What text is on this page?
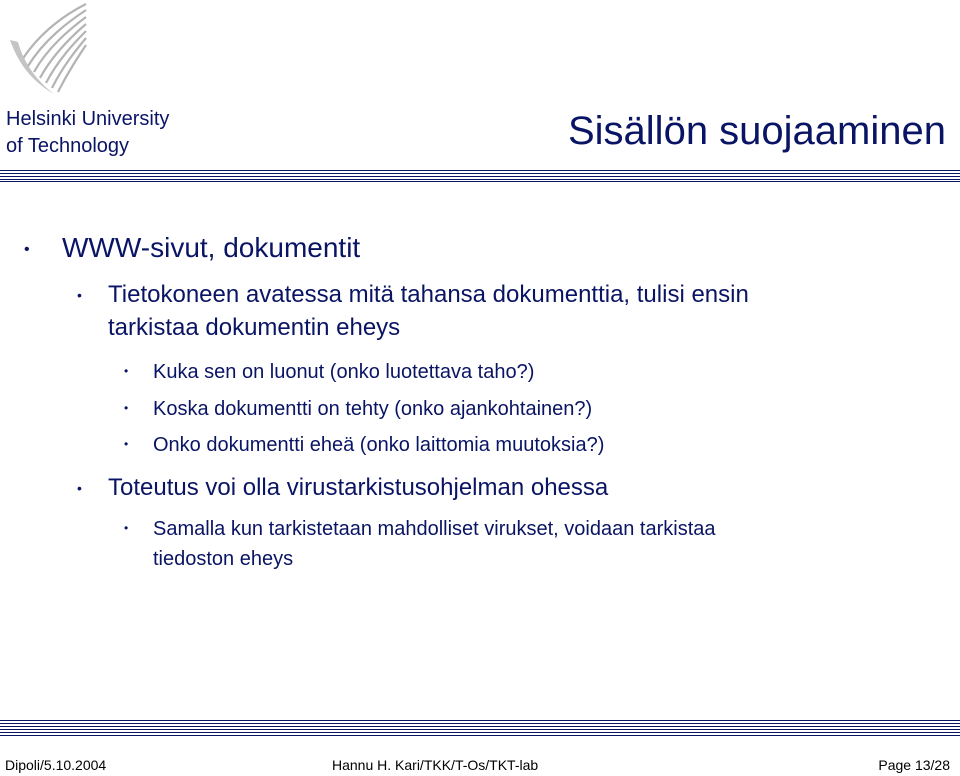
Helsinki University
of Technology	Sisällön suojaaminen
• WWW-sivut, dokumentit
• Tietokoneen avatessa mitä tahansa dokumenttia, tulisi ensin
tarkistaa dokumentin eheys
• Kuka sen on luonut (onko luotettava taho?)
• Koska dokumentti on tehty (onko ajankohtainen?)
• Onko dokumentti eheä (onko laittomia muutoksia?)
• Toteutus voi olla virustarkistusohjelman ohessa
• Samalla kun tarkistetaan mahdolliset virukset, voidaan tarkistaa
tiedoston eheys
Dipoli/5.10.2004	Hannu H. Kari/TKK/T-Os/TKT-lab	Page 13/28
